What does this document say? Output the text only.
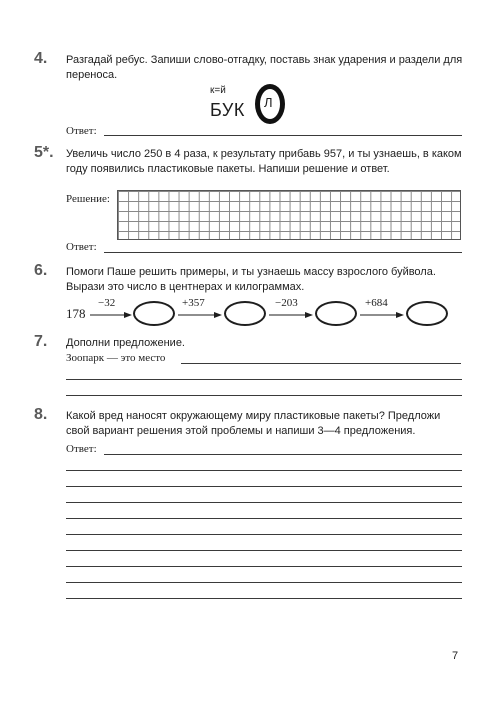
4. Разгадай ребус. Запиши слово-отгадку, поставь знак ударения и раздели для переноса.
к=й
БУК Л
Ответ:
5*. Увеличь число 250 в 4 раза, к результату прибавь 957, и ты узнаешь, в каком году появились пластиковые пакеты. Напиши решение и ответ.
Решение:
Ответ:
6. Помоги Паше решить примеры, и ты узнаешь массу взрослого буйвола. Вырази это число в центнерах и килограммах.
178
−32	+357	−203	+684
7. Дополни предложение.
Зоопарк — это место
8. Какой вред наносят окружающему миру пластиковые пакеты? Предложи свой вариант решения этой проблемы и напиши 3—4 предложения.
Ответ:
7
